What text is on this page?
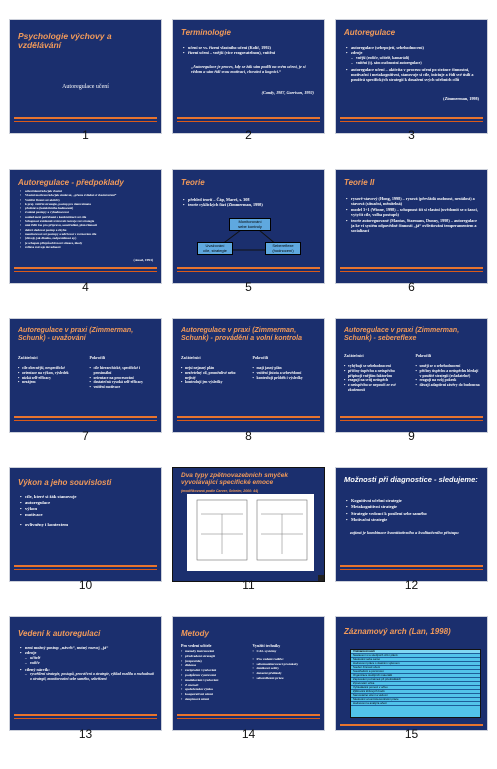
Psychologie výchovy a vzdělávání
Autoregulace učení
1
Terminologie
• učení se vs. řízení vlastního učení (Kolíč, 1992)
• řízení učení – vnější (vice reagovatelnou), vnitřní
„Autoregulace je proces, kdy se žák sám podílí na svém učení, je si vědom a sám řídí svou motivaci, chování a kognici.“
(Candy, 1987, Garrison, 1992)
2
Autoregulace
• autoregulace (sebepojetí, sebehodnocení)
• zdroje
– vnější (rodiče, učitelé, kamarádi)
– vnitřní (tj. sám osobnostní autoregulace)
• autoregulace učení – aktivita v procesu učení po stránce činnostní, motivační i metakognitivní, stanovuje si cíle, iniciuje a řídí své úsilí a používá specifických strategií k dosažení svých učebních cílů
(Zimmerman, 1998)
3
Autoregulace - předpoklady
• sebevědomí kdo/jak vlastní
• Vlastní motivace kdo/jak studovat, „přesto zvládat si vlastní učení“
• Vnitřní řízení své aktivity
• k proj. vnitřní strategie, postup pro daná témata
• představa (kolektivního hodnocení)
• zvolené postupy a vyhodnocovat
• soulad mezi potřebami s konkretizací své cíle
• Schopnost uvědomit si úroveň rozvoje své strategie
• umí řídit čas pro přípravu, soustředění, plán činnosti
• dobré sledovat postup a chybu
• monitorovat své postupy a udržovat v rovnováze cíle
• (dávají, jak dlouho, zodpovědnost aj.)
• je schopen přizpůsobit nové situace, úkoly
• reflexe rozvoje dovedností
(Ausel, 1993)
4
Teorie
• přehled teorií – Čáp, Mareš, s. 308
• teorie cyklických fází (Zimmerman, 1998)
Monitorování
sebe kontroly
Uvažování
cíle, strategie
Sebereflexe
(hodnocení)
5
Teorie II
• rysově-stavový (Hong, 1998) – rysová (převládá osobnost, nestálost) a stavová (situační, měnitelná)
• model 3+1 (Winne, 1998) – schopnost žít si vlastní (uvědomit se o šanci, vytyčit cíle, volba postupů)
• teorie autoreguované (Mantas, Starmans, Dunny, 1998) – autoregulace ja ke ví systém odpovědné činnosti „já“ ovlivňování temperamentem a socializací
6
Autoregulace v praxi (Zimmerman, Schunk) - uvažování
Začátečníci
• cíle obecnější, nespecifické
• orientace na výkon, výsledek
• nízká self-efficacy
• nezájem
Pokročilí
• cíle hierarchické, specifické i proximální
• orientace na procesování
• dostatečná vysoká self-efficacy
• vnitřní motivace
7
Autoregulace v praxi (Zimmerman, Schunk) - provádění a volní kontrola
Začátečníci
• nejsí nejasný plán
• nezřetelný cíl, proměnlivé nebo nejistý
• kontrolují jen výsledky
Pokročilí
• mají jasný plán
• vnitřní jistota a sebevědomí
• kontrolují průběh i výsledky
8
Autoregulace v praxi (Zimmerman, Schunk) - sebereflexe
Začátečníci
• vyhýbají se sebehodnocení
• příčiny úspěchu a neúspěchu připisují vnějším faktorům
• reagují na svůj neúspěch
• z neúspěchu se nepoučí ze své zkušenosti
Pokročilí
• umějí se o sebehodnocení
• příčiny úspěchu a neúspěchu hledají v použité strategii (zvladatelné)
• reagují na svůj pokrok
• dávají adaptivní závěry do budoucna
9
Výkon a jeho souvislosti
• cíle, které si žák stanovuje
• autoregulace
• výkon
• motivace
• ovlivněny i kontextem
10
Dva typy zpětnovazebních smyček vyvolávající specifické emoce
(modifikovaná podle Carver, Scheier, 2000: 44)
11
Možnosti při diagnostice - sledujeme:
• Kognitivní učební strategie
• Metakognitivní strategie
• Strategie vedoucí k posílení sebe samého
• Motivační strategie
zajímá je kombinace kvantitativního a kvalitativního přístupu
12
Vedení k autoregulaci
• není možný postup „návrh“, nutný rozvoj „já“
• zdroje
– učitelé
– rodiče
• cílený nácvik:
– vysvětlení strategie, postupů, procvičení a strategie, výklad rozdílu a rozhodnutí o strategii, monitorování sebe samého, sebeřízení
13
Metody
Pro vedení učitele
• metody instruování
• předvedení strategií
• (nápověda)
• diskuse
• reciproční vyučování
• podpůrná vyučování
• modelování vyučování
• Z metod:
• společenská výuka
• kooperativní učení
• skupinové učení
Využití techniky
• CAL systémy
• Pro vedení rodiče:
• sebemonitorovací protokoly
• deníkové sešity
• dotazní přehledy
• sebereflexní práce
14
Záznamový arch (Lan, 1998)
Vnímaná úroveň
Nastavení si a studijních cílů i plánů
Sledování sebe samé
Hodnocení práce s vlastním výkonem
Soubor činností učení
Soustředění a pozornost
Organizace studijních materiálů
Zapisování poznámek při přednáškách
Zpracování učiva
Vyhledávání pomoci v učivu
Zjišťování klíčových bodů
Samostatné učení a vědomí
Sledování a kontrola konkrétní práce
Hodnocení a analýza učení
15
